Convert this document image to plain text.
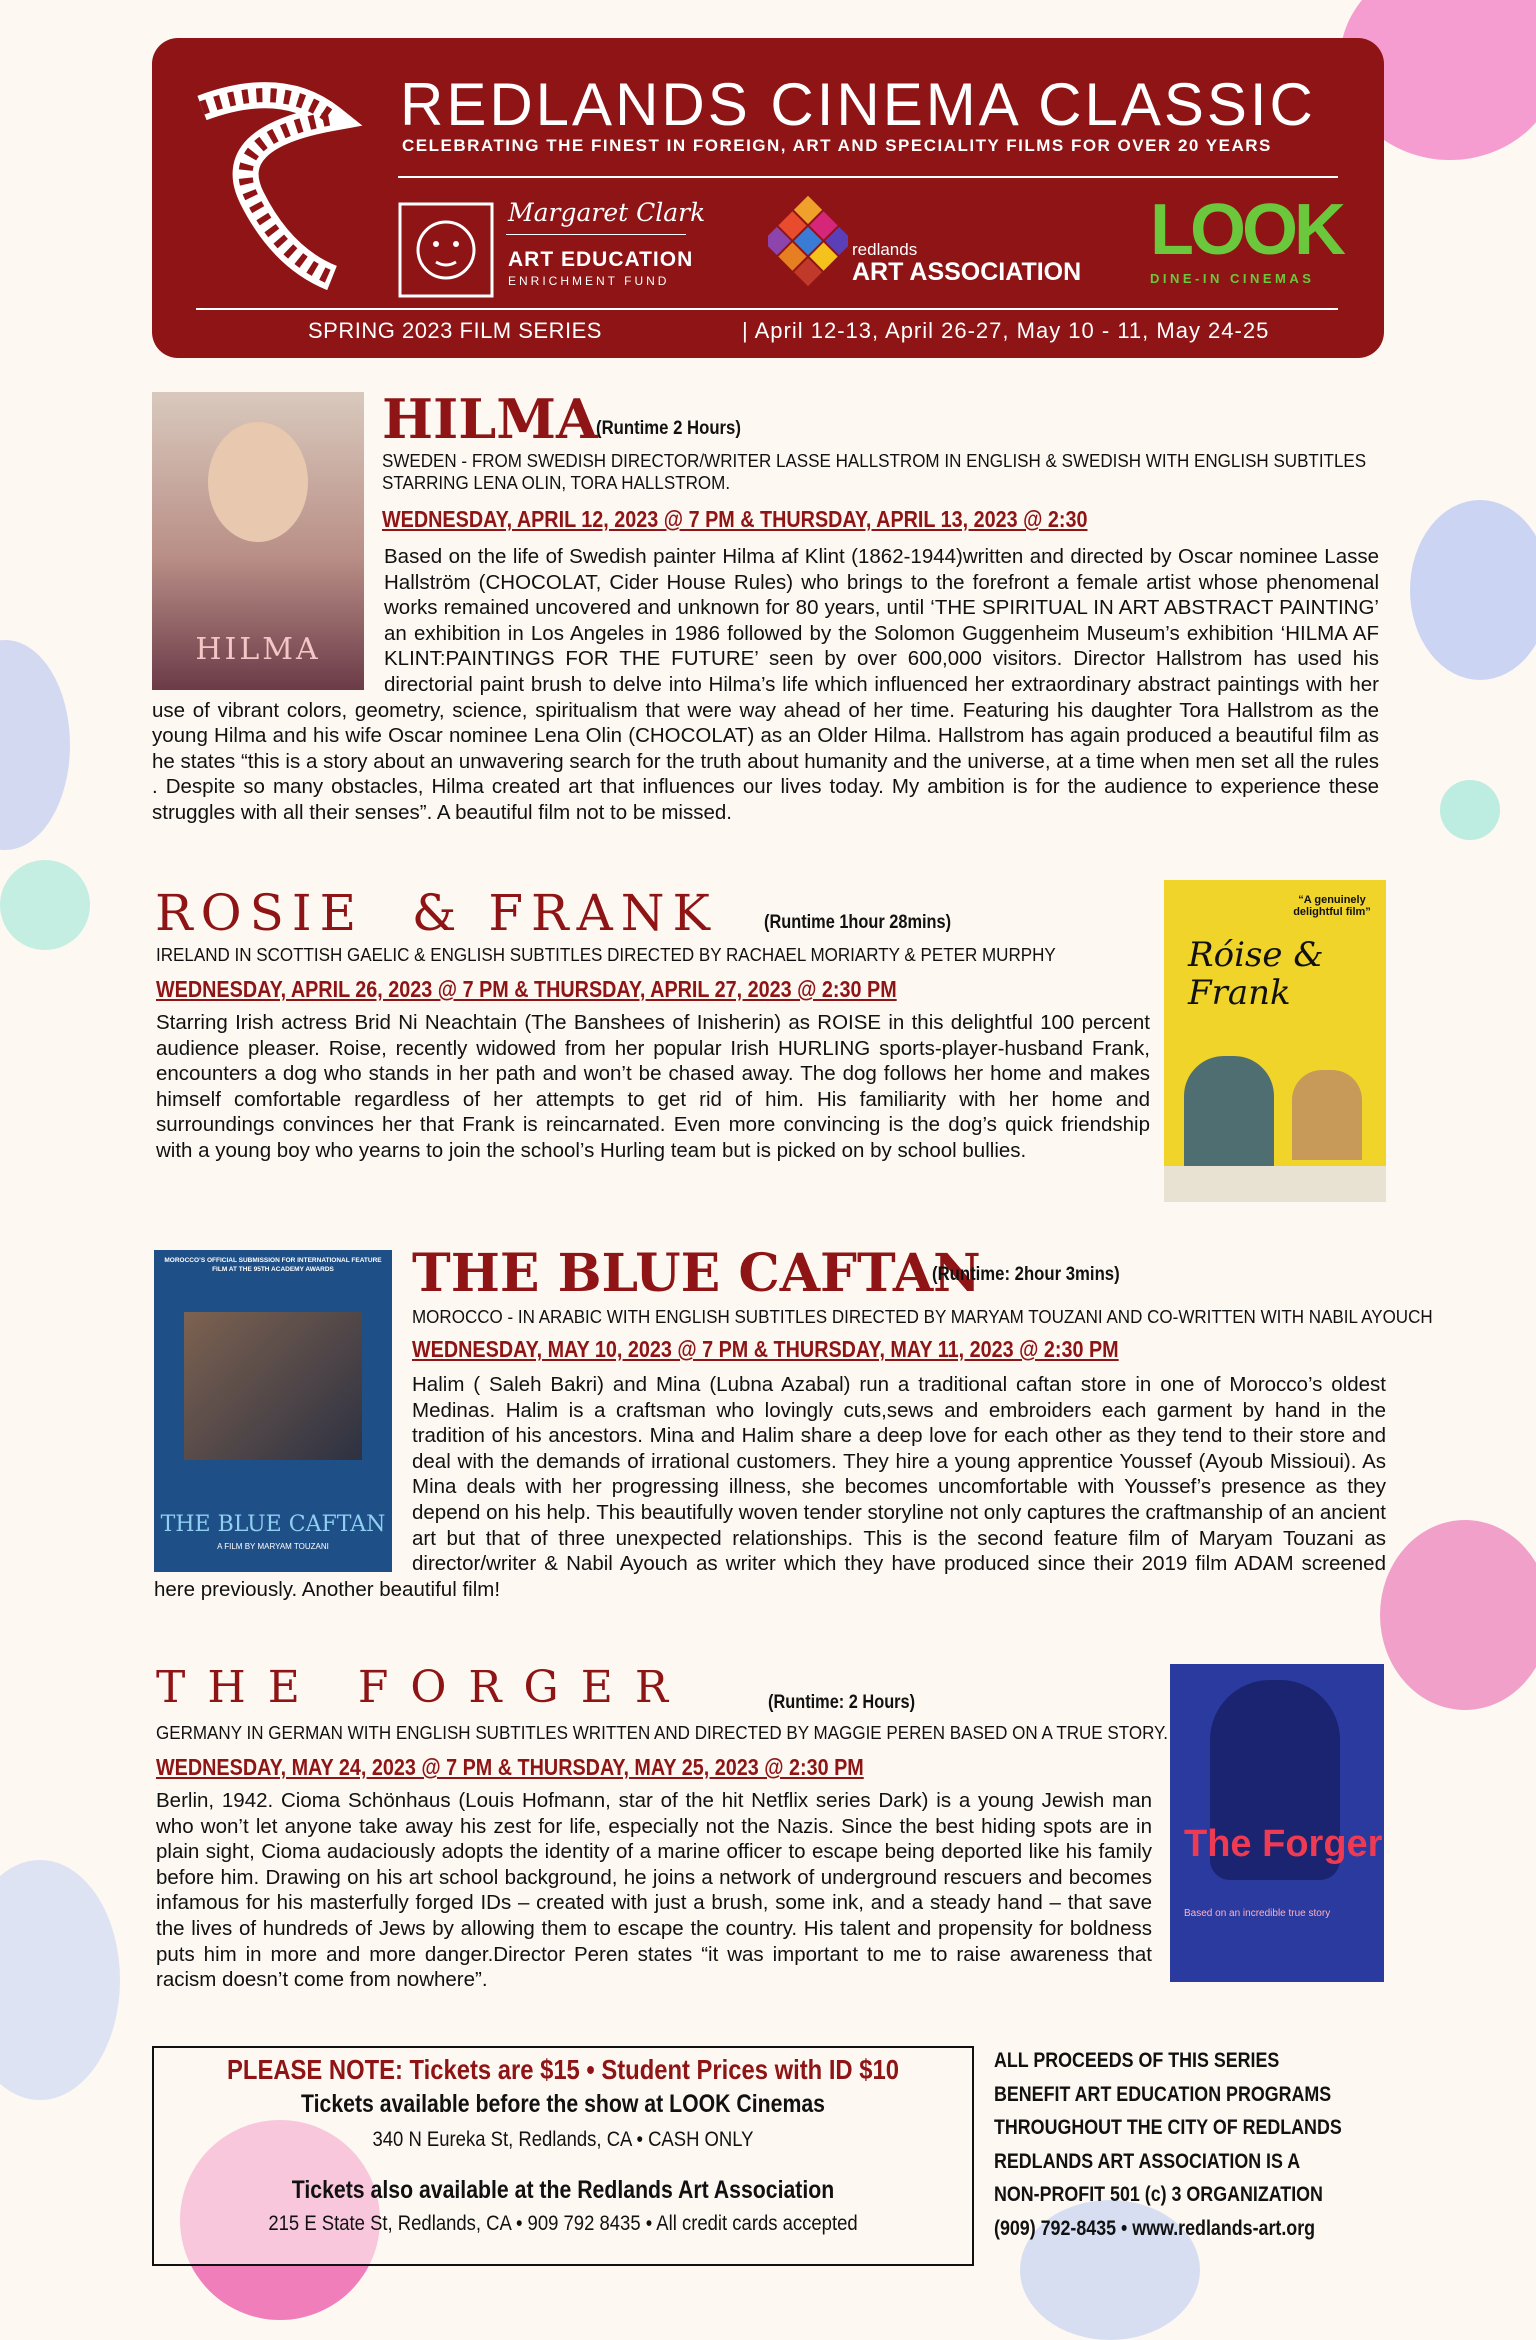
REDLANDS CINEMA CLASSIC
CELEBRATING THE FINEST IN FOREIGN, ART AND SPECIALITY FILMS FOR OVER 20 YEARS
Margaret Clark
ART EDUCATION
ENRICHMENT FUND
redlands
ART ASSOCIATION
LOOK
DINE-IN CINEMAS
SPRING 2023 FILM SERIES	| April 12-13, April 26-27, May 10 - 11, May 24-25
HILMA
HILMA
(Runtime 2 Hours)
SWEDEN - FROM SWEDISH DIRECTOR/WRITER LASSE HALLSTROM IN ENGLISH & SWEDISH WITH ENGLISH SUBTITLES STARRING LENA OLIN, TORA HALLSTROM.
WEDNESDAY, APRIL 12, 2023 @ 7 PM & THURSDAY, APRIL 13, 2023 @ 2:30
Based on the life of Swedish painter Hilma af Klint (1862-1944)written and directed by Oscar nominee Lasse Hallström (CHOCOLAT, Cider House Rules) who brings to the forefront a female artist whose phenomenal works remained uncovered and unknown for 80 years, until ‘THE SPIRITUAL IN ART ABSTRACT PAINTING’ an exhibition in Los Angeles in 1986 followed by the Solomon Guggenheim Museum’s exhibition ‘HILMA AF KLINT:PAINTINGS FOR THE FUTURE’ seen by over 600,000 visitors. Director Hallstrom has used his directorial paint brush to delve into Hilma’s life which influenced her extraordinary abstract paintings with her use of vibrant colors, geometry, science, spiritualism that were way ahead of her time. Featuring his daughter Tora Hallstrom as the young Hilma and his wife Oscar nominee Lena Olin (CHOCOLAT) as an Older Hilma. Hallstrom has again produced a beautiful film as he states “this is a story about an unwavering search for the truth about humanity and the universe, at a time when men set all the rules . Despite so many obstacles, Hilma created art that influences our lives today. My ambition is for the audience to experience these struggles with all their senses”. A beautiful film not to be missed.
ROSIE  & FRANK (Runtime 1hour 28mins)
IRELAND IN SCOTTISH GAELIC & ENGLISH SUBTITLES DIRECTED BY RACHAEL MORIARTY & PETER MURPHY
WEDNESDAY, APRIL 26, 2023 @ 7 PM & THURSDAY, APRIL 27, 2023 @ 2:30 PM
Starring Irish actress Brid Ni Neachtain (The Banshees of Inisherin) as ROISE in this delightful 100 percent audience pleaser. Roise, recently widowed from her popular Irish HURLING sports-player-husband Frank, encounters a dog who stands in her path and won’t be chased away. The dog follows her home and makes himself comfortable regardless of her attempts to get rid of him. His familiarity with her home and surroundings convinces her that Frank is reincarnated. Even more convincing is the dog’s quick friendship with a young boy who yearns to join the school’s Hurling team but is picked on by school bullies.
“A genuinely delightful film”
Róise & Frank
MOROCCO’S OFFICIAL SUBMISSION FOR INTERNATIONAL FEATURE FILM AT THE 95TH ACADEMY AWARDS
THE BLUE CAFTAN
A FILM BY MARYAM TOUZANI
THE BLUE CAFTAN
(Runtime: 2hour 3mins)
MOROCCO - IN ARABIC WITH ENGLISH SUBTITLES DIRECTED BY MARYAM TOUZANI AND CO-WRITTEN WITH NABIL AYOUCH
WEDNESDAY, MAY 10, 2023 @ 7 PM & THURSDAY, MAY 11, 2023 @ 2:30 PM
Halim ( Saleh Bakri) and Mina (Lubna Azabal) run a traditional caftan store in one of Morocco’s oldest Medinas. Halim is a craftsman who lovingly cuts,sews and embroiders each garment by hand in the tradition of his ancestors. Mina and Halim share a deep love for each other as they tend to their store and deal with the demands of irrational customers. They hire a young apprentice Youssef (Ayoub Missioui). As Mina deals with her progressing illness, she becomes uncomfortable with Youssef’s presence as they depend on his help. This beautifully woven tender storyline not only captures the craftmanship of an ancient art but that of three unexpected relationships. This is the second feature film of Maryam Touzani as director/writer & Nabil Ayouch as writer which they have produced since their 2019 film ADAM screened here previously. Another beautiful film!
THE FORGER	(Runtime: 2 Hours)
GERMANY IN GERMAN WITH ENGLISH SUBTITLES WRITTEN AND DIRECTED BY MAGGIE PEREN BASED ON A TRUE STORY.
WEDNESDAY, MAY 24, 2023 @ 7 PM & THURSDAY, MAY 25, 2023 @ 2:30 PM
Berlin, 1942. Cioma Schönhaus (Louis Hofmann, star of the hit Netflix series Dark) is a young Jewish man who won’t let anyone take away his zest for life, especially not the Nazis. Since the best hiding spots are in plain sight, Cioma audaciously adopts the identity of a marine officer to escape being deported like his family before him. Drawing on his art school background, he joins a network of underground rescuers and becomes infamous for his masterfully forged IDs – created with just a brush, some ink, and a steady hand – that save the lives of hundreds of Jews by allowing them to escape the country. His talent and propensity for boldness puts him in more and more danger.Director Peren states “it was important to me to raise awareness that racism doesn’t come from nowhere”.
The Forger
Based on an incredible true story
PLEASE NOTE: Tickets are $15 • Student Prices with ID $10
Tickets available before the show at LOOK Cinemas
340 N Eureka St, Redlands, CA • CASH ONLY
Tickets also available at the Redlands Art Association
215 E State St, Redlands, CA • 909 792 8435 • All credit cards accepted
ALL PROCEEDS OF THIS SERIES
BENEFIT ART EDUCATION PROGRAMS
THROUGHOUT THE CITY OF REDLANDS
REDLANDS ART ASSOCIATION IS A
NON-PROFIT 501 (c) 3 ORGANIZATION
(909) 792-8435 • www.redlands-art.org
